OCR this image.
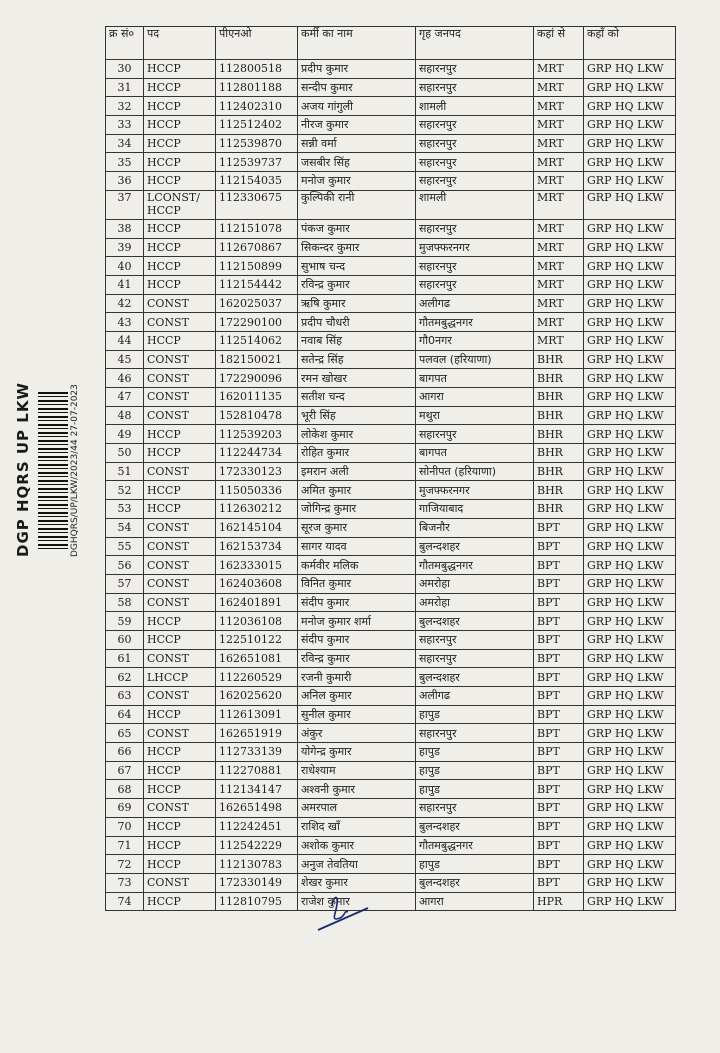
DGP HQRS UP LKW	DGHQRS/UP/LKW/2023/44 27-07-2023
क्र सं०	पद	पीएनओ	कर्मी का नाम	गृह जनपद	कहां से	कहाँ को
30	HCCP	112800518	प्रदीप कुमार	सहारनपुर	MRT	GRP HQ LKW
31	HCCP	112801188	सन्दीप कुमार	सहारनपुर	MRT	GRP HQ LKW
32	HCCP	112402310	अजय गांगुली	शामली	MRT	GRP HQ LKW
33	HCCP	112512402	नीरज कुमार	सहारनपुर	MRT	GRP HQ LKW
34	HCCP	112539870	सन्नी वर्मा	सहारनपुर	MRT	GRP HQ LKW
35	HCCP	112539737	जसबीर सिंह	सहारनपुर	MRT	GRP HQ LKW
36	HCCP	112154035	मनोज कुमार	सहारनपुर	MRT	GRP HQ LKW
37	LCONST/ HCCP	112330675	कुल्पिकी रानी	शामली	MRT	GRP HQ LKW
38	HCCP	112151078	पंकज कुमार	सहारनपुर	MRT	GRP HQ LKW
39	HCCP	112670867	सिकन्दर कुमार	मुजफ्फरनगर	MRT	GRP HQ LKW
40	HCCP	112150899	सुभाष चन्द	सहारनपुर	MRT	GRP HQ LKW
41	HCCP	112154442	रविन्द्र कुमार	सहारनपुर	MRT	GRP HQ LKW
42	CONST	162025037	ऋषि कुमार	अलीगढ	MRT	GRP HQ LKW
43	CONST	172290100	प्रदीप चौधरी	गौतमबुद्धनगर	MRT	GRP HQ LKW
44	HCCP	112514062	नवाब सिंह	गौ0नगर	MRT	GRP HQ LKW
45	CONST	182150021	सतेन्द्र सिंह	पलवल (हरियाणा)	BHR	GRP HQ LKW
46	CONST	172290096	रमन खोखर	बागपत	BHR	GRP HQ LKW
47	CONST	162011135	सतीश चन्द	आगरा	BHR	GRP HQ LKW
48	CONST	152810478	भूरी सिंह	मथुरा	BHR	GRP HQ LKW
49	HCCP	112539203	लोकेश कुमार	सहारनपुर	BHR	GRP HQ LKW
50	HCCP	112244734	रोहित कुमार	बागपत	BHR	GRP HQ LKW
51	CONST	172330123	इमरान अली	सोनीपत (हरियाणा)	BHR	GRP HQ LKW
52	HCCP	115050336	अमित कुमार	मुजफ्फरनगर	BHR	GRP HQ LKW
53	HCCP	112630212	जोगिन्द्र कुमार	गाजियाबाद	BHR	GRP HQ LKW
54	CONST	162145104	सूरज कुमार	बिजनौर	BPT	GRP HQ LKW
55	CONST	162153734	सागर यादव	बुलन्दशहर	BPT	GRP HQ LKW
56	CONST	162333015	कर्मवीर मलिक	गौतमबुद्धनगर	BPT	GRP HQ LKW
57	CONST	162403608	विनित कुमार	अमरोहा	BPT	GRP HQ LKW
58	CONST	162401891	संदीप कुमार	अमरोहा	BPT	GRP HQ LKW
59	HCCP	112036108	मनोज कुमार शर्मा	बुलन्दशहर	BPT	GRP HQ LKW
60	HCCP	122510122	संदीप कुमार	सहारनपुर	BPT	GRP HQ LKW
61	CONST	162651081	रविन्द्र कुमार	सहारनपुर	BPT	GRP HQ LKW
62	LHCCP	112260529	रजनी कुमारी	बुलन्दशहर	BPT	GRP HQ LKW
63	CONST	162025620	अनिल कुमार	अलीगढ	BPT	GRP HQ LKW
64	HCCP	112613091	सुनील कुमार	हापुड	BPT	GRP HQ LKW
65	CONST	162651919	अंकुर	सहारनपुर	BPT	GRP HQ LKW
66	HCCP	112733139	योगेन्द्र कुमार	हापुड	BPT	GRP HQ LKW
67	HCCP	112270881	राधेश्याम	हापुड	BPT	GRP HQ LKW
68	HCCP	112134147	अश्वनी कुमार	हापुड	BPT	GRP HQ LKW
69	CONST	162651498	अमरपाल	सहारनपुर	BPT	GRP HQ LKW
70	HCCP	112242451	राशिद खाँ	बुलन्दशहर	BPT	GRP HQ LKW
71	HCCP	112542229	अशोक कुमार	गौतमबुद्धनगर	BPT	GRP HQ LKW
72	HCCP	112130783	अनुज तेवतिया	हापुड	BPT	GRP HQ LKW
73	CONST	172330149	शेखर कुमार	बुलन्दशहर	BPT	GRP HQ LKW
74	HCCP	112810795	राजेश कुमार	आगरा	HPR	GRP HQ LKW
